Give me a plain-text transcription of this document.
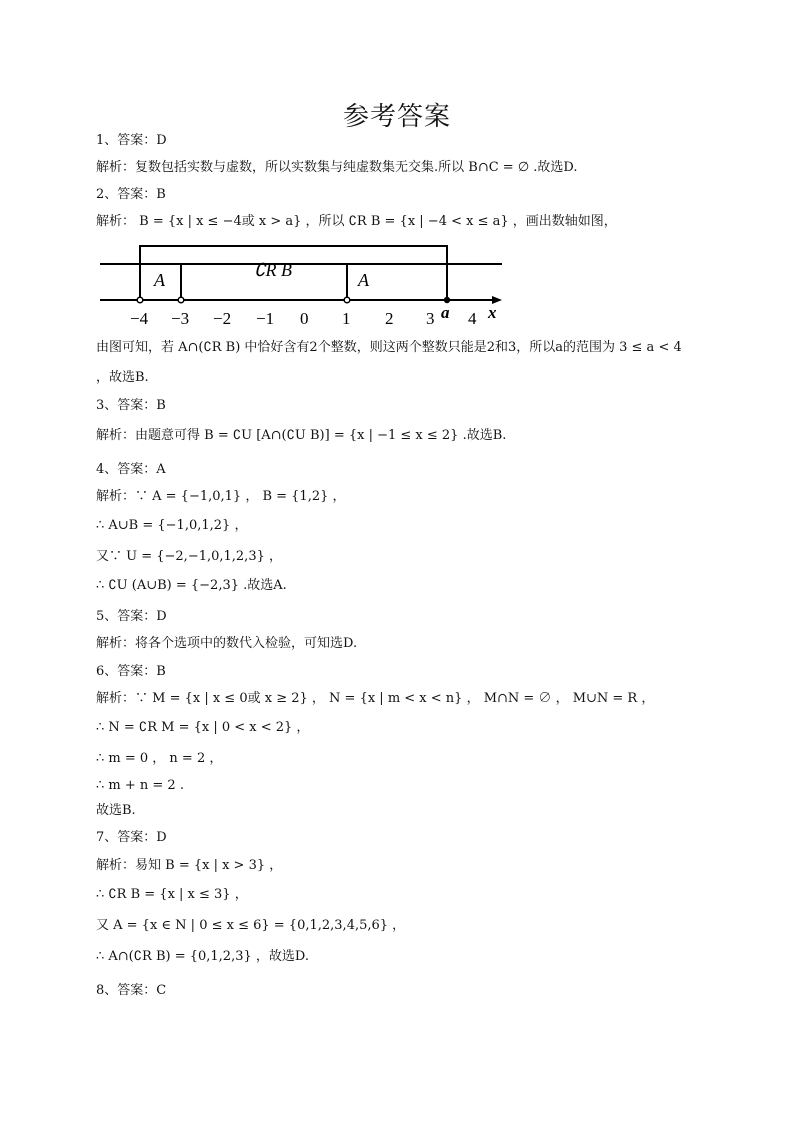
参考答案
1、答案：D
解析：复数包括实数与虚数，所以实数集与纯虚数集无交集.所以 B∩C = ∅ .故选D.
2、答案：B
解析： B = {x | x ≤ −4或 x > a} ，所以 ∁R B = {x | −4 < x ≤ a} ，画出数轴如图，
A	A
∁R B
−4 −3 −2 −1 0 1 2 3 4
a x
由图可知，若 A∩(∁R B) 中恰好含有2个整数，则这两个整数只能是2和3，所以a的范围为 3 ≤ a < 4
，故选B.
3、答案：B
解析：由题意可得 B = ∁U [A∩(∁U B)] = {x | −1 ≤ x ≤ 2} .故选B.
4、答案：A
解析：∵ A = {−1,0,1} ， B = {1,2} ，
∴ A∪B = {−1,0,1,2} ，
又∵ U = {−2,−1,0,1,2,3} ，
∴ ∁U (A∪B) = {−2,3} .故选A.
5、答案：D
解析：将各个选项中的数代入检验，可知选D.
6、答案：B
解析：∵ M = {x | x ≤ 0或 x ≥ 2} ， N = {x | m < x < n} ， M∩N = ∅ ， M∪N = R ，
∴ N = ∁R M = {x | 0 < x < 2} ，
∴ m = 0 ， n = 2 ，
∴ m + n = 2 .
故选B.
7、答案：D
解析：易知 B = {x | x > 3} ，
∴ ∁R B = {x | x ≤ 3} ，
又 A = {x ∈ N | 0 ≤ x ≤ 6} = {0,1,2,3,4,5,6} ，
∴ A∩(∁R B) = {0,1,2,3} ，故选D.
8、答案：C
